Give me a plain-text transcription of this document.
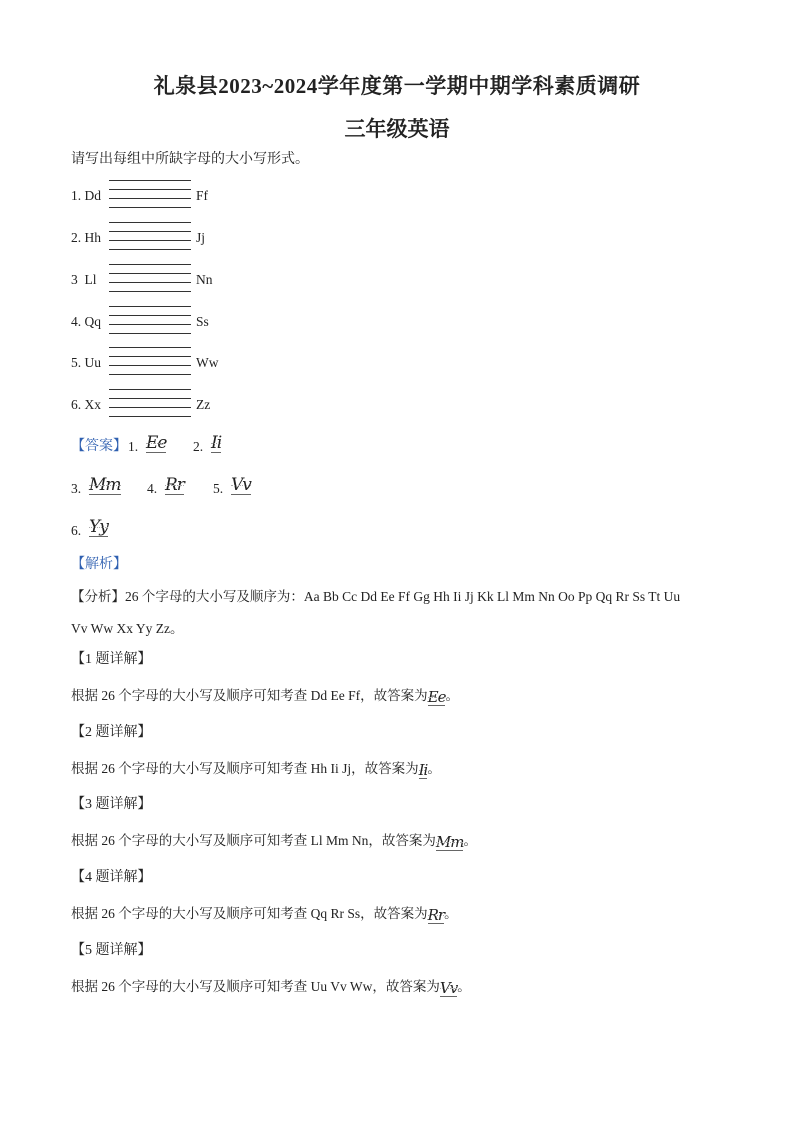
礼泉县2023~2024学年度第一学期中期学科素质调研
三年级英语
请写出每组中所缺字母的大小写形式。
1. Dd	Ff
2. Hh	Jj
3 Ll	Nn
4. Qq	Ss
5. Uu	Ww
6. Xx	Zz
【答案】 1. Ee 2. Ii
3. Mm 4. Rr 5. Vv
6. Yy
【解析】
【分析】26 个字母的大小写及顺序为：Aa Bb Cc Dd Ee Ff Gg Hh Ii Jj Kk Ll Mm Nn Oo Pp Qq Rr Ss Tt Uu
Vv Ww Xx Yy Zz。
【1 题详解】
根据 26 个字母的大小写及顺序可知考查 Dd Ee Ff，故答案为Ee。
【2 题详解】
根据 26 个字母的大小写及顺序可知考查 Hh Ii Jj，故答案为Ii。
【3 题详解】
根据 26 个字母的大小写及顺序可知考查 Ll Mm Nn，故答案为Mm。
【4 题详解】
根据 26 个字母的大小写及顺序可知考查 Qq Rr Ss，故答案为Rr。
【5 题详解】
根据 26 个字母的大小写及顺序可知考查 Uu Vv Ww，故答案为Vv。
